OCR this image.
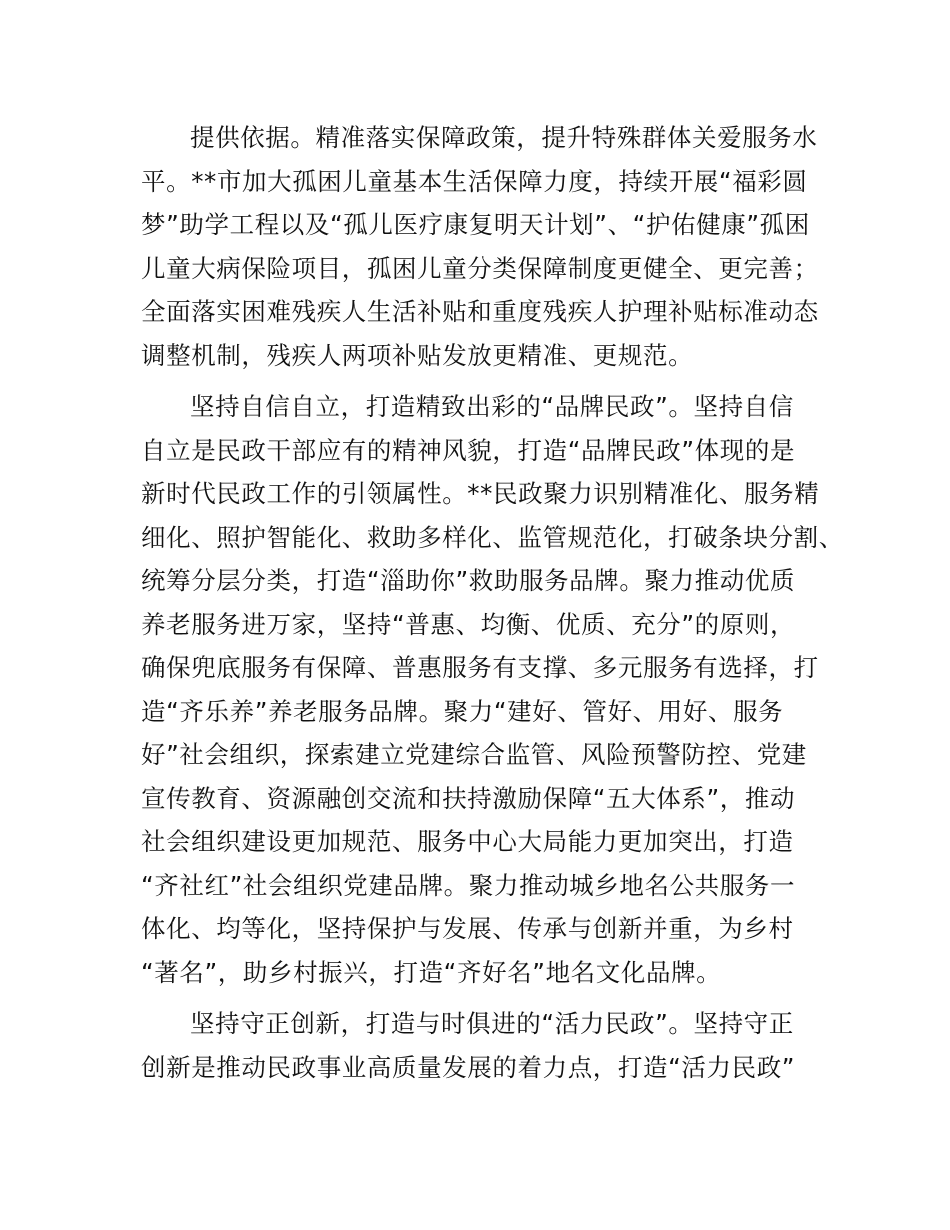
提供依据。精准落实保障政策，提升特殊群体关爱服务水
平。**市加大孤困儿童基本生活保障力度，持续开展“福彩圆
梦”助学工程以及“孤儿医疗康复明天计划”、“护佑健康”孤困
儿童大病保险项目，孤困儿童分类保障制度更健全、更完善；
全面落实困难残疾人生活补贴和重度残疾人护理补贴标准动态
调整机制，残疾人两项补贴发放更精准、更规范。
坚持自信自立，打造精致出彩的“品牌民政”。坚持自信
自立是民政干部应有的精神风貌，打造“品牌民政”体现的是
新时代民政工作的引领属性。**民政聚力识别精准化、服务精
细化、照护智能化、救助多样化、监管规范化，打破条块分割、
统筹分层分类，打造“淄助你”救助服务品牌。聚力推动优质
养老服务进万家，坚持“普惠、均衡、优质、充分”的原则，
确保兜底服务有保障、普惠服务有支撑、多元服务有选择，打
造“齐乐养”养老服务品牌。聚力“建好、管好、用好、服务
好”社会组织，探索建立党建综合监管、风险预警防控、党建
宣传教育、资源融创交流和扶持激励保障“五大体系”，推动
社会组织建设更加规范、服务中心大局能力更加突出，打造
“齐社红”社会组织党建品牌。聚力推动城乡地名公共服务一
体化、均等化，坚持保护与发展、传承与创新并重，为乡村
“著名”，助乡村振兴，打造“齐好名”地名文化品牌。
坚持守正创新，打造与时俱进的“活力民政”。坚持守正
创新是推动民政事业高质量发展的着力点，打造“活力民政”
